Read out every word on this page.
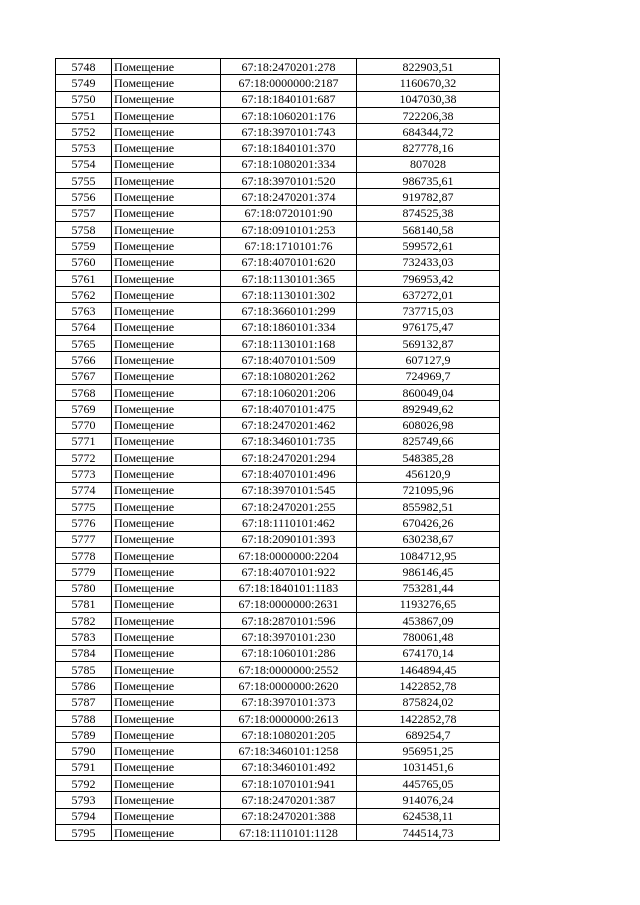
5748	Помещение	67:18:2470201:278	822903,51
5749	Помещение	67:18:0000000:2187	1160670,32
5750	Помещение	67:18:1840101:687	1047030,38
5751	Помещение	67:18:1060201:176	722206,38
5752	Помещение	67:18:3970101:743	684344,72
5753	Помещение	67:18:1840101:370	827778,16
5754	Помещение	67:18:1080201:334	807028
5755	Помещение	67:18:3970101:520	986735,61
5756	Помещение	67:18:2470201:374	919782,87
5757	Помещение	67:18:0720101:90	874525,38
5758	Помещение	67:18:0910101:253	568140,58
5759	Помещение	67:18:1710101:76	599572,61
5760	Помещение	67:18:4070101:620	732433,03
5761	Помещение	67:18:1130101:365	796953,42
5762	Помещение	67:18:1130101:302	637272,01
5763	Помещение	67:18:3660101:299	737715,03
5764	Помещение	67:18:1860101:334	976175,47
5765	Помещение	67:18:1130101:168	569132,87
5766	Помещение	67:18:4070101:509	607127,9
5767	Помещение	67:18:1080201:262	724969,7
5768	Помещение	67:18:1060201:206	860049,04
5769	Помещение	67:18:4070101:475	892949,62
5770	Помещение	67:18:2470201:462	608026,98
5771	Помещение	67:18:3460101:735	825749,66
5772	Помещение	67:18:2470201:294	548385,28
5773	Помещение	67:18:4070101:496	456120,9
5774	Помещение	67:18:3970101:545	721095,96
5775	Помещение	67:18:2470201:255	855982,51
5776	Помещение	67:18:1110101:462	670426,26
5777	Помещение	67:18:2090101:393	630238,67
5778	Помещение	67:18:0000000:2204	1084712,95
5779	Помещение	67:18:4070101:922	986146,45
5780	Помещение	67:18:1840101:1183	753281,44
5781	Помещение	67:18:0000000:2631	1193276,65
5782	Помещение	67:18:2870101:596	453867,09
5783	Помещение	67:18:3970101:230	780061,48
5784	Помещение	67:18:1060101:286	674170,14
5785	Помещение	67:18:0000000:2552	1464894,45
5786	Помещение	67:18:0000000:2620	1422852,78
5787	Помещение	67:18:3970101:373	875824,02
5788	Помещение	67:18:0000000:2613	1422852,78
5789	Помещение	67:18:1080201:205	689254,7
5790	Помещение	67:18:3460101:1258	956951,25
5791	Помещение	67:18:3460101:492	1031451,6
5792	Помещение	67:18:1070101:941	445765,05
5793	Помещение	67:18:2470201:387	914076,24
5794	Помещение	67:18:2470201:388	624538,11
5795	Помещение	67:18:1110101:1128	744514,73
